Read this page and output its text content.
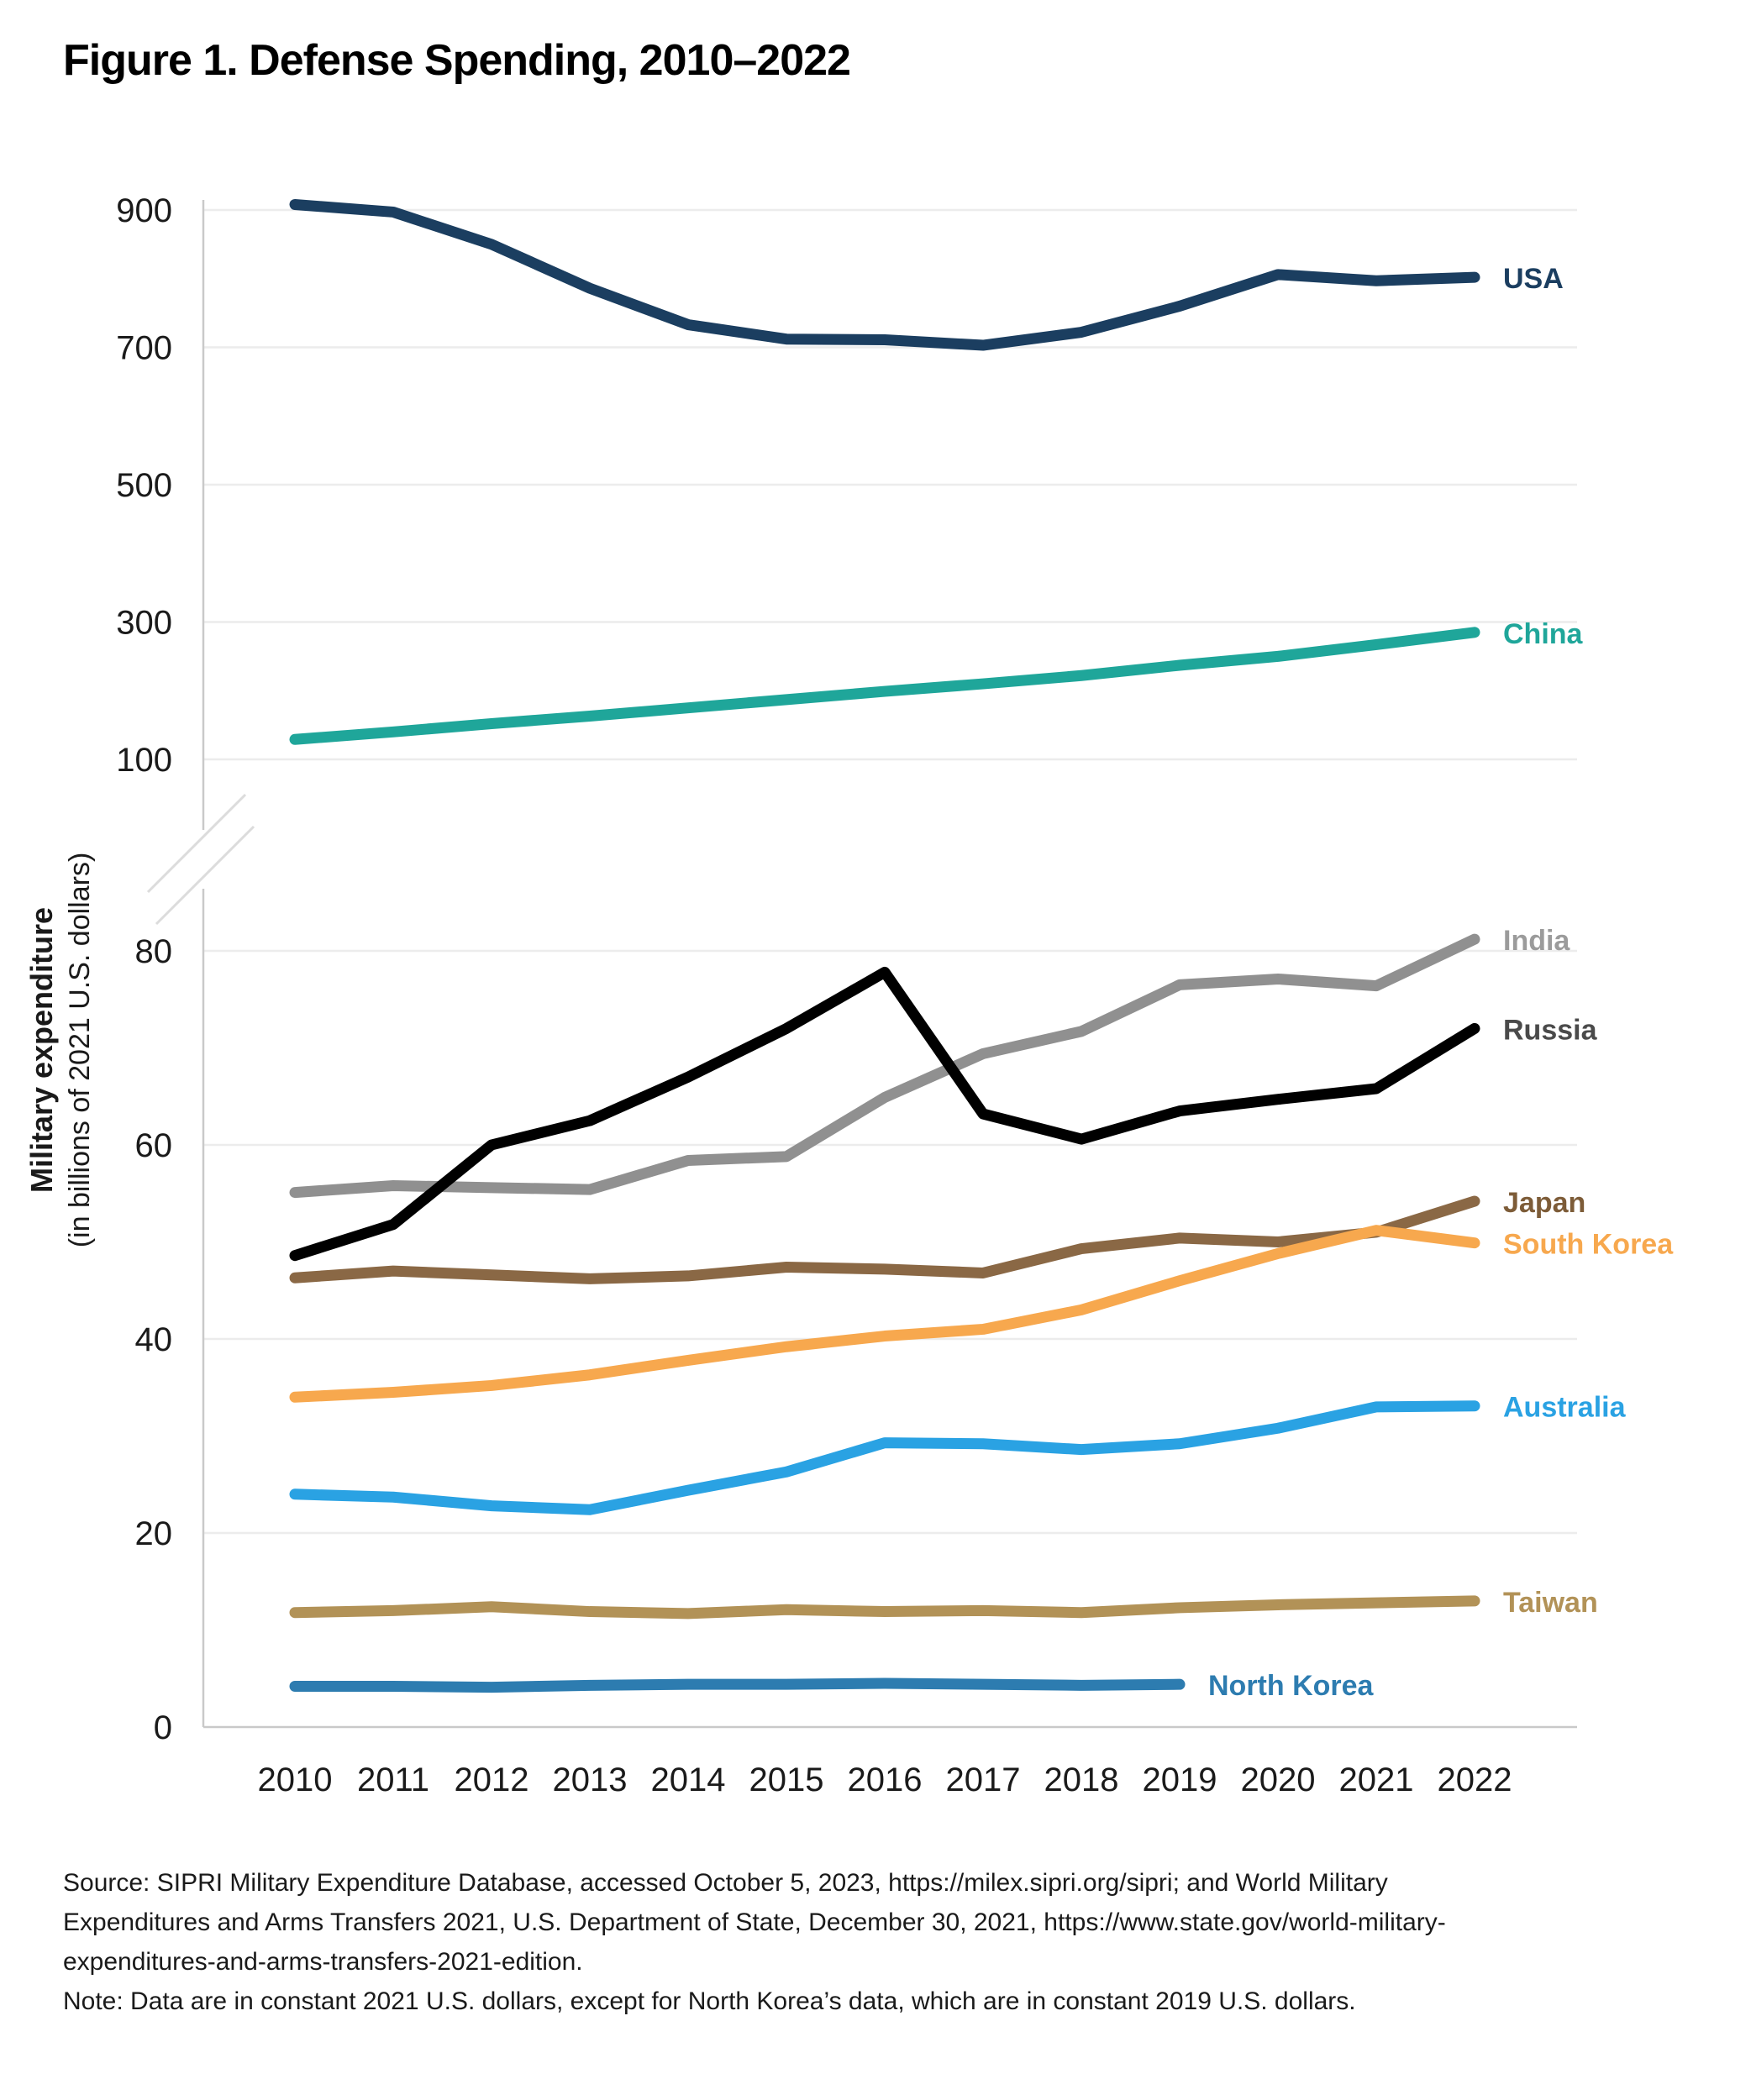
Figure 1. Defense Spending, 2010–2022
900
700
500
300
100
80
60
40
20
0
2010 2011 2012 2013 2014 2015 2016 2017 2018 2019 2020 2021 2022
Military expenditure (in billions of 2021 U.S. dollars)
USA
China
India
Russia
Japan
South Korea
Australia
Taiwan
North Korea

Source: SIPRI Military Expenditure Database, accessed October 5, 2023, https://milex.sipri.org/sipri; and World Military
Expenditures and Arms Transfers 2021, U.S. Department of State, December 30, 2021, https://www.state.gov/world-military-
expenditures-and-arms-transfers-2021-edition.
Note: Data are in constant 2021 U.S. dollars, except for North Korea’s data, which are in constant 2019 U.S. dollars.
